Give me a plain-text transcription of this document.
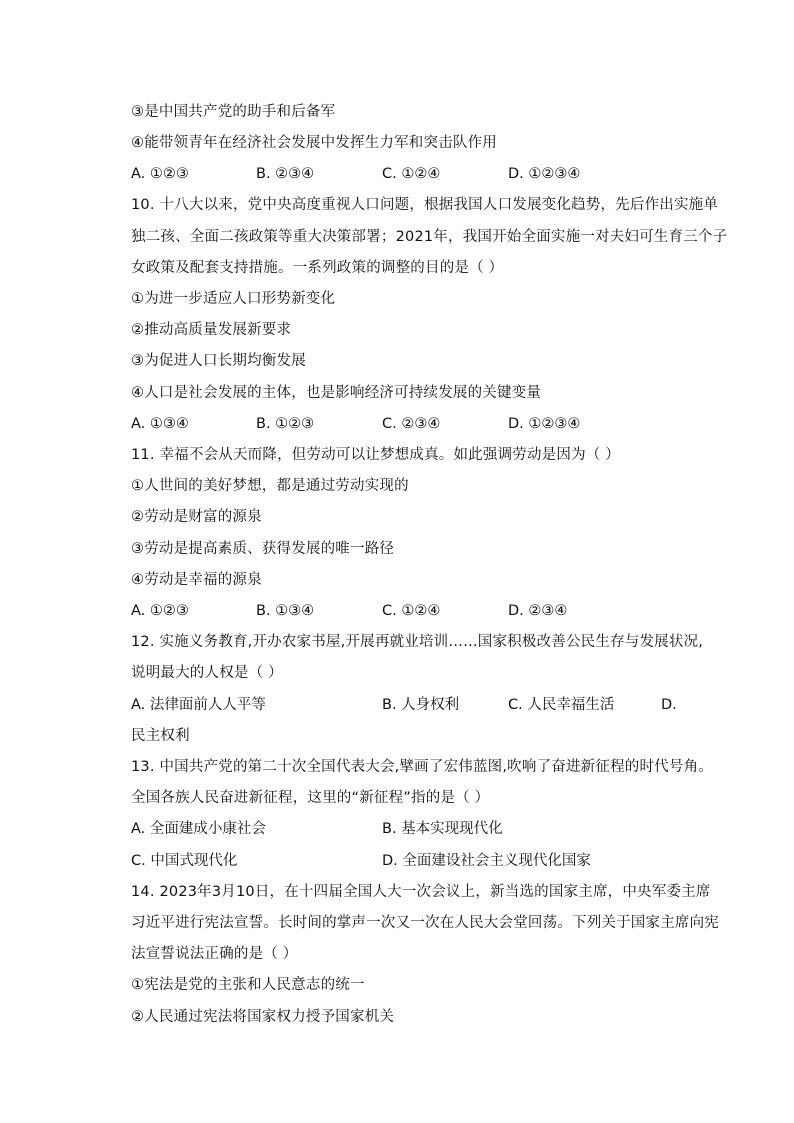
③是中国共产党的助手和后备军
④能带领青年在经济社会发展中发挥生力军和突击队作用
A. ①②③	B. ②③④	C. ①②④	D. ①②③④
10. 十八大以来，党中央高度重视人口问题，根据我国人口发展变化趋势，先后作出实施单
独二孩、全面二孩政策等重大决策部署；2021年，我国开始全面实施一对夫妇可生育三个子
女政策及配套支持措施。一系列政策的调整的目的是（ ）
①为进一步适应人口形势新变化
②推动高质量发展新要求
③为促进人口长期均衡发展
④人口是社会发展的主体，也是影响经济可持续发展的关键变量
A. ①③④	B. ①②③	C. ②③④	D. ①②③④
11. 幸福不会从天而降，但劳动可以让梦想成真。如此强调劳动是因为（ ）
①人世间的美好梦想，都是通过劳动实现的
②劳动是财富的源泉
③劳动是提高素质、获得发展的唯一路径
④劳动是幸福的源泉
A. ①②③	B. ①③④	C. ①②④	D. ②③④
12. 实施义务教育,开办农家书屋,开展再就业培训……国家积极改善公民生存与发展状况,
说明最大的人权是（ ）
A. 法律面前人人平等	B. 人身权利	C. 人民幸福生活	D.
民主权利
13. 中国共产党的第二十次全国代表大会,擘画了宏伟蓝图,吹响了奋进新征程的时代号角。
全国各族人民奋进新征程，这里的“新征程”指的是（ ）
A. 全面建成小康社会	B. 基本实现现代化
C. 中国式现代化	D. 全面建设社会主义现代化国家
14. 2023年3月10日，在十四届全国人大一次会议上，新当选的国家主席，中央军委主席
习近平进行宪法宣誓。长时间的掌声一次又一次在人民大会堂回荡。下列关于国家主席向宪
法宣誓说法正确的是（ ）
①宪法是党的主张和人民意志的统一
②人民通过宪法将国家权力授予国家机关
